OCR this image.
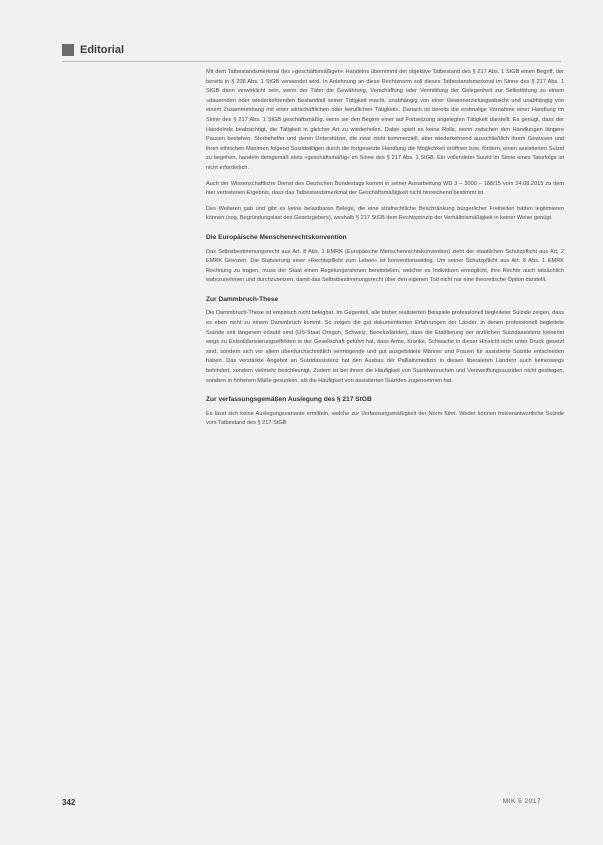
Editorial

Mit dem Tatbestandsmerkmal des »geschäftsmäßigen« Handelns übernimmt der objektive Tatbestand des § 217 Abs. 1 StGB einen Begriff, der bereits in § 206 Abs. 1 StGB verwendet wird. In Anlehnung an diese Rechtsnorm soll dieses Tatbestandsmerkmal im Sinne des § 217 Abs. 1 StGB dann verwirklicht sein, wenn der Täter die Gewährung, Verschaffung oder Vermittlung der Gelegenheit zur Selbsttötung zu einem »dauernden oder wiederkehrenden Bestandteil seiner Tätigkeit macht, unabhängig von einer Gewinnerzielungsabsicht und unabhängig von einem Zusammenhang mit einer wirtschaftlichen oder beruflichen Tätigkeit«. Danach ist bereits die erstmalige Vornahme einer Handlung im Sinne des § 217 Abs. 1 StGB geschäftsmäßig, wenn sie den Beginn einer auf Fortsetzung angelegten Tätigkeit darstellt. Es genügt, dass der Handelnde beabsichtigt, die Tätigkeit in gleicher Art zu wiederholen. Dabei spielt es keine Rolle, wenn zwischen den Handlungen längere Pausen bestehen. Sterbehelfer und deren Unterstützer, die zwar nicht kommerziell, aber wiederkehrend ausschließlich ihrem Gewissen und ihren ethischen Maximen folgend Suizidwilligen durch die fortgesetzte Handlung die Möglichkeit eröffnen bzw. fördern, einen assistierten Suizid zu begehen, handeln demgemäß stets »geschäftsmäßig« im Sinne des § 217 Abs. 1 StGB. Ein vollendeter Suizid im Sinne eines Tatorfolgs ist nicht erforderlich.

Auch der Wissenschaftliche Dienst des Deutschen Bundestags kommt in seiner Ausarbeitung WD 3 – 3000 – 188/15 vom 24.08.2015 zu dem hier vertretenen Ergebnis, dass das Tatbestandsmerkmal der Geschäftsmäßigkeit nicht hinreichend bestimmt ist.

Des Weiteren gab und gibt es keine belastbaren Belege, die eine strafrechtliche Beschränkung bürgerlicher Freiheiten hätten legitimieren können (sog. Begründungslast des Gesetzgebers), weshalb § 217 StGB dem Rechtsprinzip der Verhältnismäßigkeit in keiner Weise genügt.

Die Europäische Menschenrechtskonvention

Das Selbstbestimmungsrecht aus Art. 8 Abs. 1 EMRK (Europäische Menschenrechtskonvention) zieht der staatlichen Schutzpflicht aus Art. 2 EMRK Grenzen. Die Statuierung einer »Rechtspflicht zum Leben« ist konventionswidrig. Um seiner Schutzpflicht aus Art. 8 Abs. 1 EMRK Rechnung zu tragen, muss der Staat einen Regelungsrahmen bereitstellen, welcher es Individuen ermöglicht, ihre Rechte auch tatsächlich wahrzunehmen und durchzusetzen, damit das Selbstbestimmungsrecht über den eigenen Tod nicht nur eine theoretische Option darstellt.

Zur Dammbruch-These

Die Dammbruch-These ist empirisch nicht belegbar. Im Gegenteil, alle bisher realisierten Beispiele professionell begleiteter Suizide zeigen, dass es eben nicht zu einem Dammbruch kommt. So zeigen die gut dokumentierten Erfahrungen der Länder, in denen professionell begleitete Suizide seit längerem erlaubt sind (US-Staat Oregon, Schweiz, Beneluxländer), dass die Etablierung der ärztlichen Suizidassistenz keinerlei wegs zu Entsolidarisierungseffekten in der Gesellschaft geführt hat, dass Arme, Kranke, Schwache in dieser Hinsicht nicht unter Druck gesetzt sind, sondern sich vor allem überdurchschnittlich vermögende und gut ausgebildete Männer und Frauen für assistierte Suizide entschieden haben. Das verstärkte Angebot an Suizidassistenz hat den Ausbau der Palliativmedizin in diesen liberaleren Ländern auch keineswegs behindert, sondern vielmehr beschleunigt. Zudem ist bei ihnen die Häufigkeit von Suizidversuchen und Verzweiflungssuiziden nicht gestiegen, sondern in höherem Maße gesunken, als die Häufigkeit von assistierten Suiziden zugenommen hat.

Zur verfassungsgemäßen Auslegung des § 217 StGB

Es lässt sich keine Auslegungsvariante ermitteln, welche zur Verfassungsmäßigkeit der Norm führt. Weder können freiverantwortliche Suizide vom Tatbestand des § 217 StGB

342	MIK 5 2017
